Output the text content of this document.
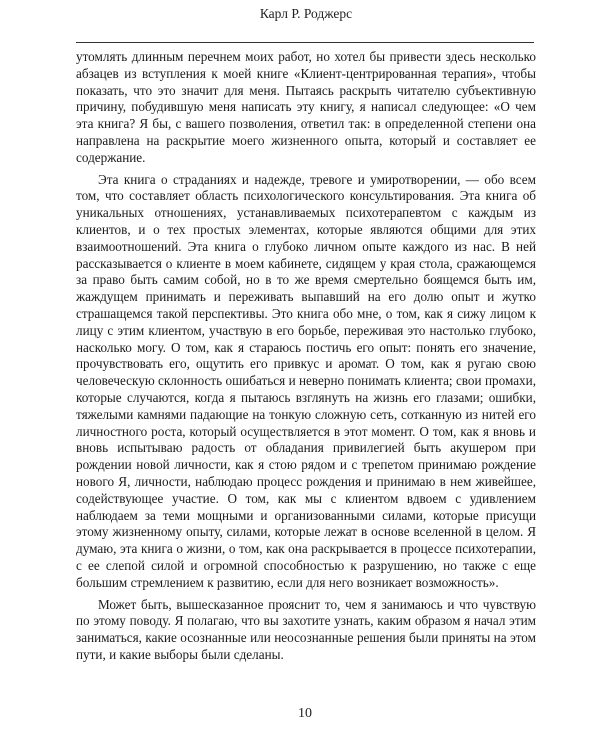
Карл Р. Роджерс

утомлять длинным перечнем моих работ, но хотел бы привести здесь несколько абзацев из вступления к моей книге «Клиент-центрированная терапия», чтобы показать, что это значит для меня. Пытаясь раскрыть читателю субъективную причину, побудившую меня написать эту книгу, я написал следующее: «О чем эта книга? Я бы, с вашего позволения, ответил так: в определенной степени она направлена на раскрытие моего жизненного опыта, который и составляет ее содержание.

Эта книга о страданиях и надежде, тревоге и умиротворении, — обо всем том, что составляет область психологического консультирования. Эта книга об уникальных отношениях, устанавливаемых психотерапевтом с каждым из клиентов, и о тех простых элементах, которые являются общими для этих взаимоотношений. Эта книга о глубоко личном опыте каждого из нас. В ней рассказывается о клиенте в моем кабинете, сидящем у края стола, сражающемся за право быть самим собой, но в то же время смертельно боящемся быть им, жаждущем принимать и переживать выпавший на его долю опыт и жутко страшащемся такой перспективы. Это книга обо мне, о том, как я сижу лицом к лицу с этим клиентом, участвую в его борьбе, переживая это настолько глубоко, насколько могу. О том, как я стараюсь постичь его опыт: понять его значение, прочувствовать его, ощутить его привкус и аромат. О том, как я ругаю свою человеческую склонность ошибаться и неверно понимать клиента; свои промахи, которые случаются, когда я пытаюсь взглянуть на жизнь его глазами; ошибки, тяжелыми камнями падающие на тонкую сложную сеть, сотканную из нитей его личностного роста, который осуществляется в этот момент. О том, как я вновь и вновь испытываю радость от обладания привилегией быть акушером при рождении новой личности, как я стою рядом и с трепетом принимаю рождение нового Я, личности, наблюдаю процесс рождения и принимаю в нем живейшее, содействующее участие. О том, как мы с клиентом вдвоем с удивлением наблюдаем за теми мощными и организованными силами, которые присущи этому жизненному опыту, силами, которые лежат в основе вселенной в целом. Я думаю, эта книга о жизни, о том, как она раскрывается в процессе психотерапии, с ее слепой силой и огромной способностью к разрушению, но также с еще большим стремлением к развитию, если для него возникает возможность».

Может быть, вышесказанное прояснит то, чем я занимаюсь и что чувствую по этому поводу. Я полагаю, что вы захотите узнать, каким образом я начал этим заниматься, какие осознанные или неосознанные решения были приняты на этом пути, и какие выборы были сделаны.

10
